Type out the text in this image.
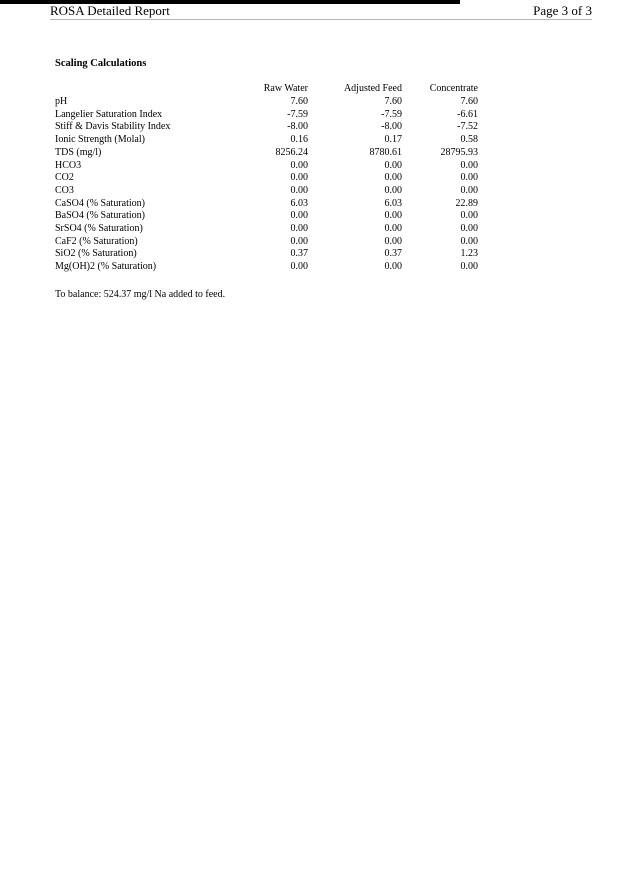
ROSA Detailed Report	Page 3 of 3
Scaling Calculations
	Raw Water	Adjusted Feed	Concentrate
pH	7.60	7.60	7.60
Langelier Saturation Index	-7.59	-7.59	-6.61
Stiff & Davis Stability Index	-8.00	-8.00	-7.52
Ionic Strength (Molal)	0.16	0.17	0.58
TDS (mg/l)	8256.24	8780.61	28795.93
HCO3	0.00	0.00	0.00
CO2	0.00	0.00	0.00
CO3	0.00	0.00	0.00
CaSO4 (% Saturation)	6.03	6.03	22.89
BaSO4 (% Saturation)	0.00	0.00	0.00
SrSO4 (% Saturation)	0.00	0.00	0.00
CaF2 (% Saturation)	0.00	0.00	0.00
SiO2 (% Saturation)	0.37	0.37	1.23
Mg(OH)2 (% Saturation)	0.00	0.00	0.00
To balance: 524.37 mg/l Na added to feed.
